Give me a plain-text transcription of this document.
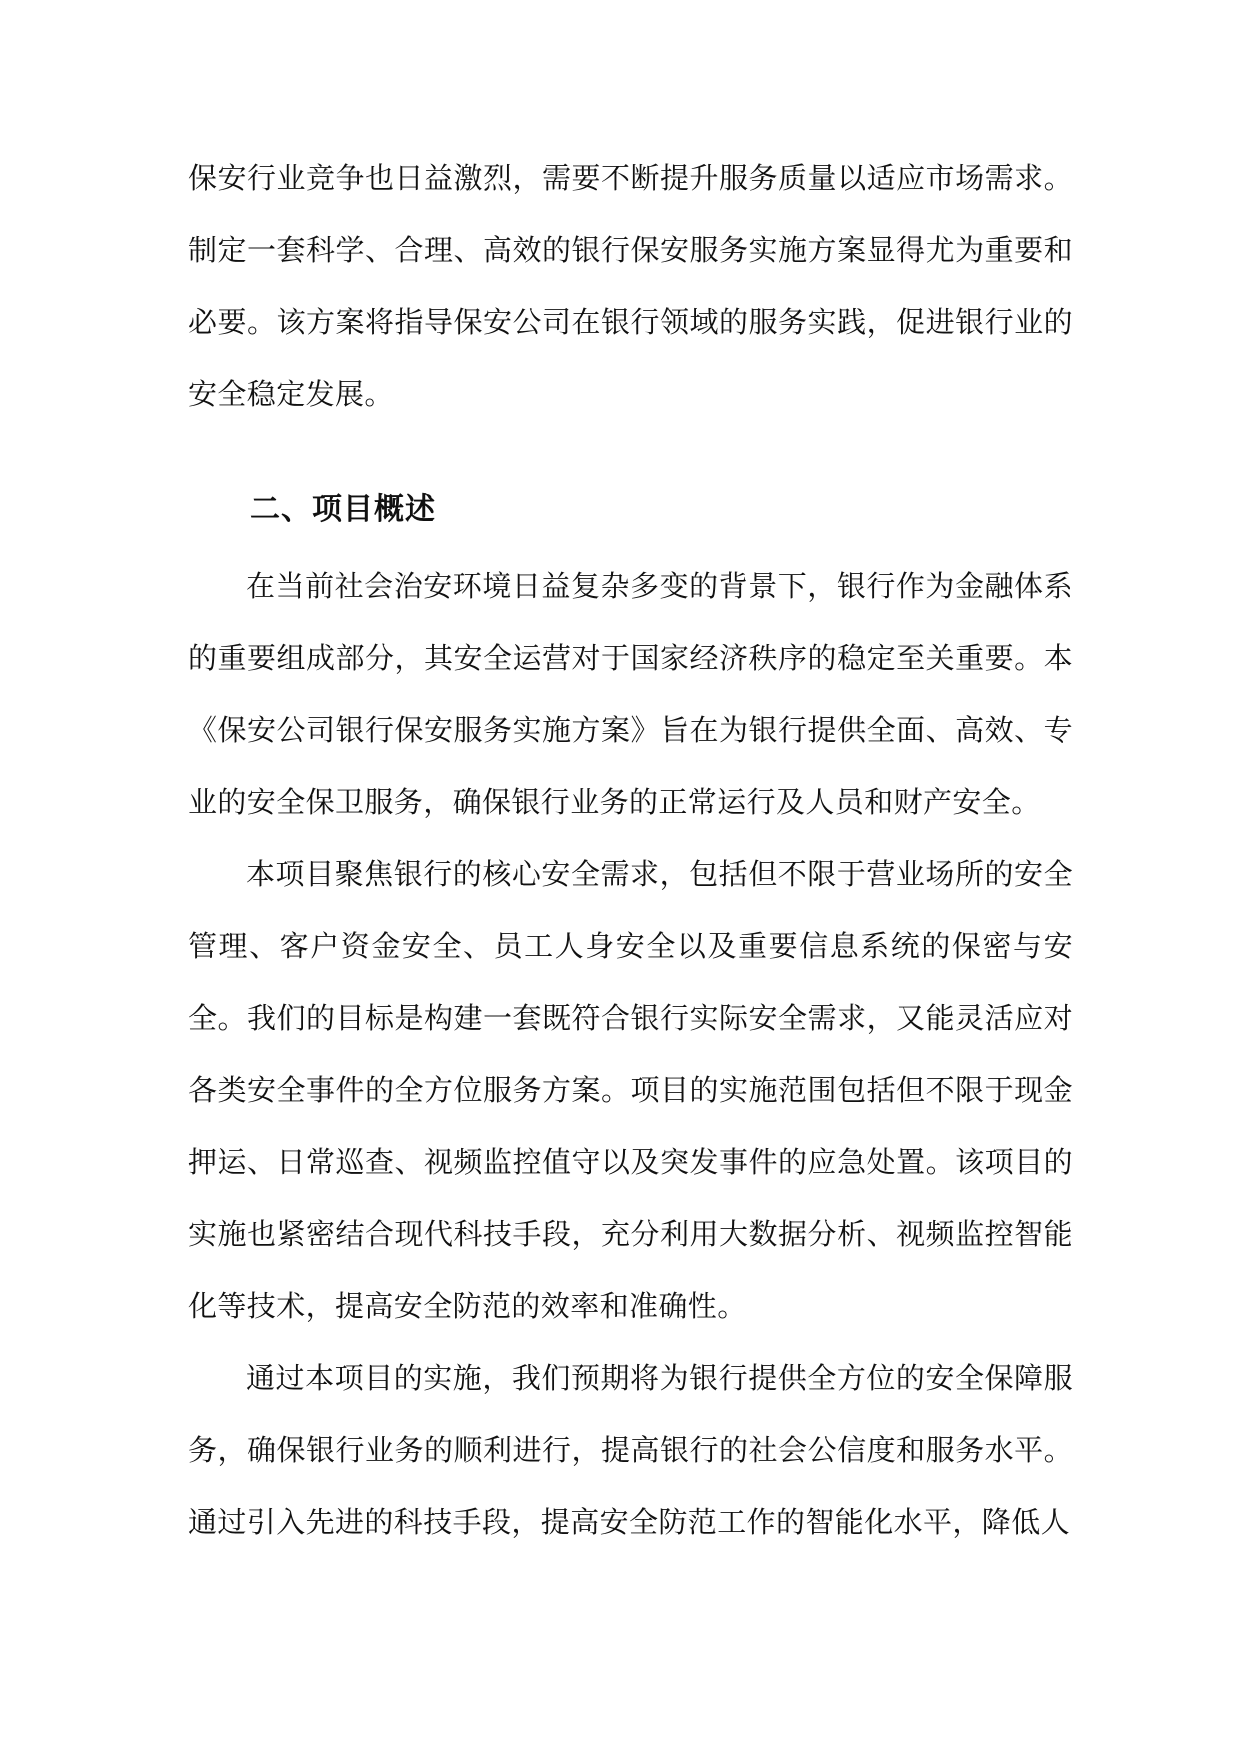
保安行业竞争也日益激烈，需要不断提升服务质量以适应市场需求。制定一套科学、合理、高效的银行保安服务实施方案显得尤为重要和必要。该方案将指导保安公司在银行领域的服务实践，促进银行业的安全稳定发展。

二、项目概述

在当前社会治安环境日益复杂多变的背景下，银行作为金融体系的重要组成部分，其安全运营对于国家经济秩序的稳定至关重要。本《保安公司银行保安服务实施方案》旨在为银行提供全面、高效、专业的安全保卫服务，确保银行业务的正常运行及人员和财产安全。

本项目聚焦银行的核心安全需求，包括但不限于营业场所的安全管理、客户资金安全、员工人身安全以及重要信息系统的保密与安全。我们的目标是构建一套既符合银行实际安全需求，又能灵活应对各类安全事件的全方位服务方案。项目的实施范围包括但不限于现金押运、日常巡查、视频监控值守以及突发事件的应急处置。该项目的实施也紧密结合现代科技手段，充分利用大数据分析、视频监控智能化等技术，提高安全防范的效率和准确性。

通过本项目的实施，我们预期将为银行提供全方位的安全保障服务，确保银行业务的顺利进行，提高银行的社会公信度和服务水平。通过引入先进的科技手段，提高安全防范工作的智能化水平，降低人
